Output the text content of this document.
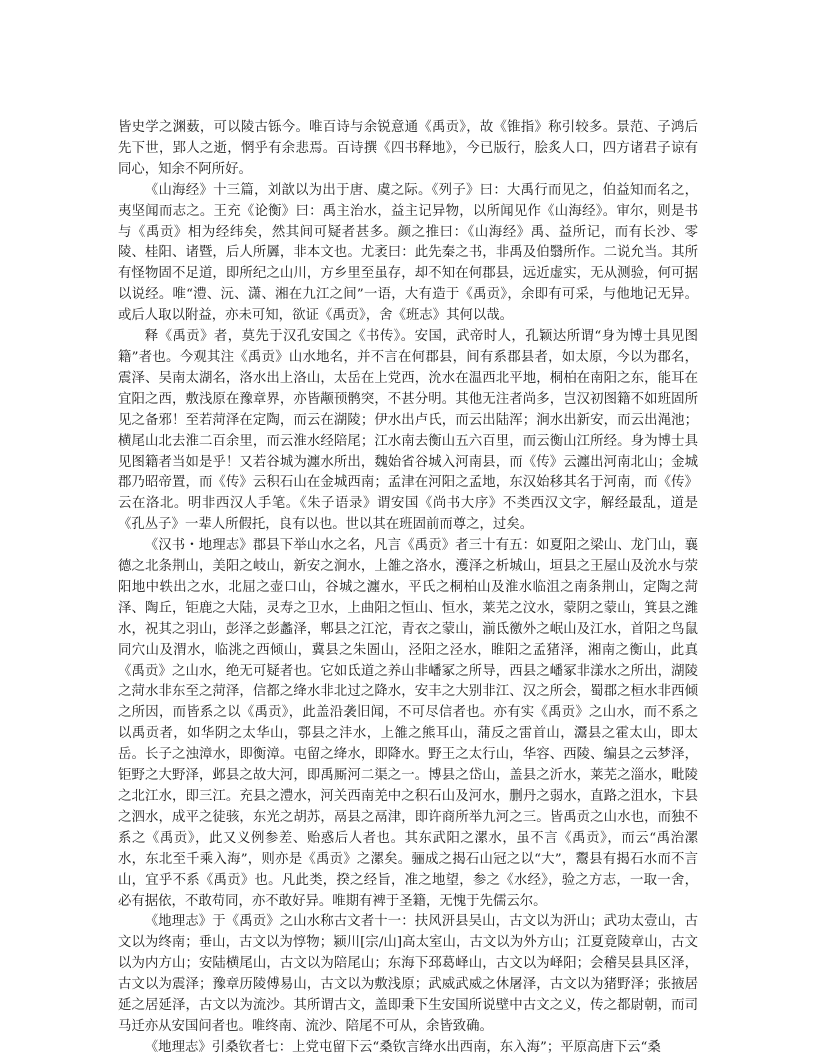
皆史学之渊薮，可以陵古铄今。唯百诗与余锐意通《禹贡》，故《锥指》称引较多。景范、子鸿后先下世，郢人之逝，惘乎有余悲焉。百诗撰《四书释地》，今已版行，脍炙人口，四方诸君子谅有同心，知余不阿所好。

《山海经》十三篇，刘歆以为出于唐、虞之际。《列子》曰：大禹行而见之，伯益知而名之，夷坚闻而志之。王充《论衡》曰：禹主治水，益主记异物，以所闻见作《山海经》。审尔，则是书与《禹贡》相为经纬矣，然其间可疑者甚多。颜之推曰：《山海经》禹、益所记，而有长沙、零陵、桂阳、诸暨，后人所羼，非本文也。尤袤曰：此先秦之书，非禹及伯翳所作。二说允当。其所有怪物固不足道，即所纪之山川，方乡里至虽存，却不知在何郡县，远近虚实，无从测验，何可据以说经。唯“澧、沅、潇、湘在九江之间”一语，大有造于《禹贡》，余即有可采，与他地记无异。或后人取以附益，亦未可知，欲证《禹贡》，舍《班志》其何以哉。

释《禹贡》者，莫先于汉孔安国之《书传》。安国，武帝时人，孔颖达所谓“身为博士具见图籍”者也。今观其注《禹贡》山水地名，并不言在何郡县，间有系郡县者，如太原，今以为郡名，震泽、吴南太湖名，洛水出上洛山，太岳在上党西，沇水在温西北平地，桐柏在南阳之东，能耳在宜阳之西，敷浅原在豫章界，亦皆颟顸鹘突，不甚分明。其他无注者尚多，岂汉初图籍不如班固所见之备邪！至若菏泽在定陶，而云在湖陵；伊水出卢氏，而云出陆浑；涧水出新安，而云出渑池；横尾山北去淮二百余里，而云淮水经陪尾；江水南去衡山五六百里，而云衡山江所经。身为博士具见图籍者当如是乎！又若谷城为瀍水所出，魏始省谷城入河南县，而《传》云瀍出河南北山；金城郡乃昭帝置，而《传》云积石山在金城西南；孟津在河阳之孟地，东汉始移其名于河南，而《传》云在洛北。明非西汉人手笔。《朱子语录》谓安国《尚书大序》不类西汉文字，解经最乱，道是《孔丛子》一辈人所假托，良有以也。世以其在班固前而尊之，过矣。

《汉书・地理志》郡县下举山水之名，凡言《禹贡》者三十有五：如夏阳之梁山、龙门山，襄德之北条荆山，美阳之岐山，新安之涧水，上雒之洛水，濩泽之析城山，垣县之王屋山及沇水与荥阳地中轶出之水，北屈之壶口山，谷城之瀍水，平氏之桐柏山及淮水临沮之南条荆山，定陶之菏泽、陶丘，钜鹿之大陆，灵寿之卫水，上曲阳之恒山、恒水，莱芜之汶水，蒙阴之蒙山，箕县之潍水，祝其之羽山，彭泽之彭蠡泽，郫县之江沱，青衣之蒙山，湔氐徼外之岷山及江水，首阳之鸟鼠同穴山及渭水，临洮之西倾山，冀县之朱圄山，泾阳之泾水，睢阳之孟猪泽，湘南之衡山，此真《禹贡》之山水，绝无可疑者也。它如氐道之养山非嶓冢之所导，西县之嶓冢非漾水之所出，湖陵之菏水非东至之菏泽，信都之绛水非北过之降水，安丰之大别非江、汉之所会，蜀郡之桓水非西倾之所因，而皆系之以《禹贡》，此盖沿袭旧闻，不可尽信者也。亦有实《禹贡》之山水，而不系之以禹贡者，如华阴之太华山，鄠县之沣水，上雒之熊耳山，蒲反之雷首山，灊县之霍太山，即太岳。长子之浊漳水，即衡漳。屯留之绛水，即降水。野王之太行山，华容、西陵、编县之云梦泽，钜野之大野泽，邺县之故大河，即禹厮河二渠之一。博县之岱山，盖县之沂水，莱芜之淄水，毗陵之北江水，即三江。充县之澧水，河关西南羌中之积石山及河水，删丹之弱水，直路之沮水，卞县之泗水，成平之徒骇，东光之胡苏，鬲县之鬲津，即许商所举九河之三。皆禹贡之山水也，而独不系之《禹贡》，此又义例参差、贻惑后人者也。其东武阳之漯水，虽不言《禹贡》，而云“禹治漯水，东北至千乘入海”，则亦是《禹贡》之漯矣。骊成之揭石山冠之以“大”，鬻县有揭石水而不言山，宜乎不系《禹贡》也。凡此类，揆之经旨，准之地望，参之《水经》，验之方志，一取一舍，必有据依，不敢苟同，亦不敢好异。唯期有裨于圣籍，无愧于先儒云尔。

《地理志》于《禹贡》之山水称古文者十一：扶风汧县吴山，古文以为汧山；武功太壹山，古文以为终南；垂山，古文以为惇物；颍川[宗/山]高太室山，古文以为外方山；江夏竟陵章山，古文以为内方山；安陆横尾山，古文以为陪尾山；东海下邳葛峄山，古文以为峄阳；会稽吴县具区泽，古文以为震泽；豫章历陵傅易山，古文以为敷浅原；武威武威之休屠泽，古文以为猪野泽；张掖居延之居延泽，古文以为流沙。其所谓古文，盖即秉下生安国所说壁中古文之义，传之都尉朝，而司马迁亦从安国问者也。唯终南、流沙、陪尾不可从，余皆致确。

《地理志》引桑钦者七：上党屯留下云“桑钦言绛水出西南，东入海”；平原高唐下云“桑
